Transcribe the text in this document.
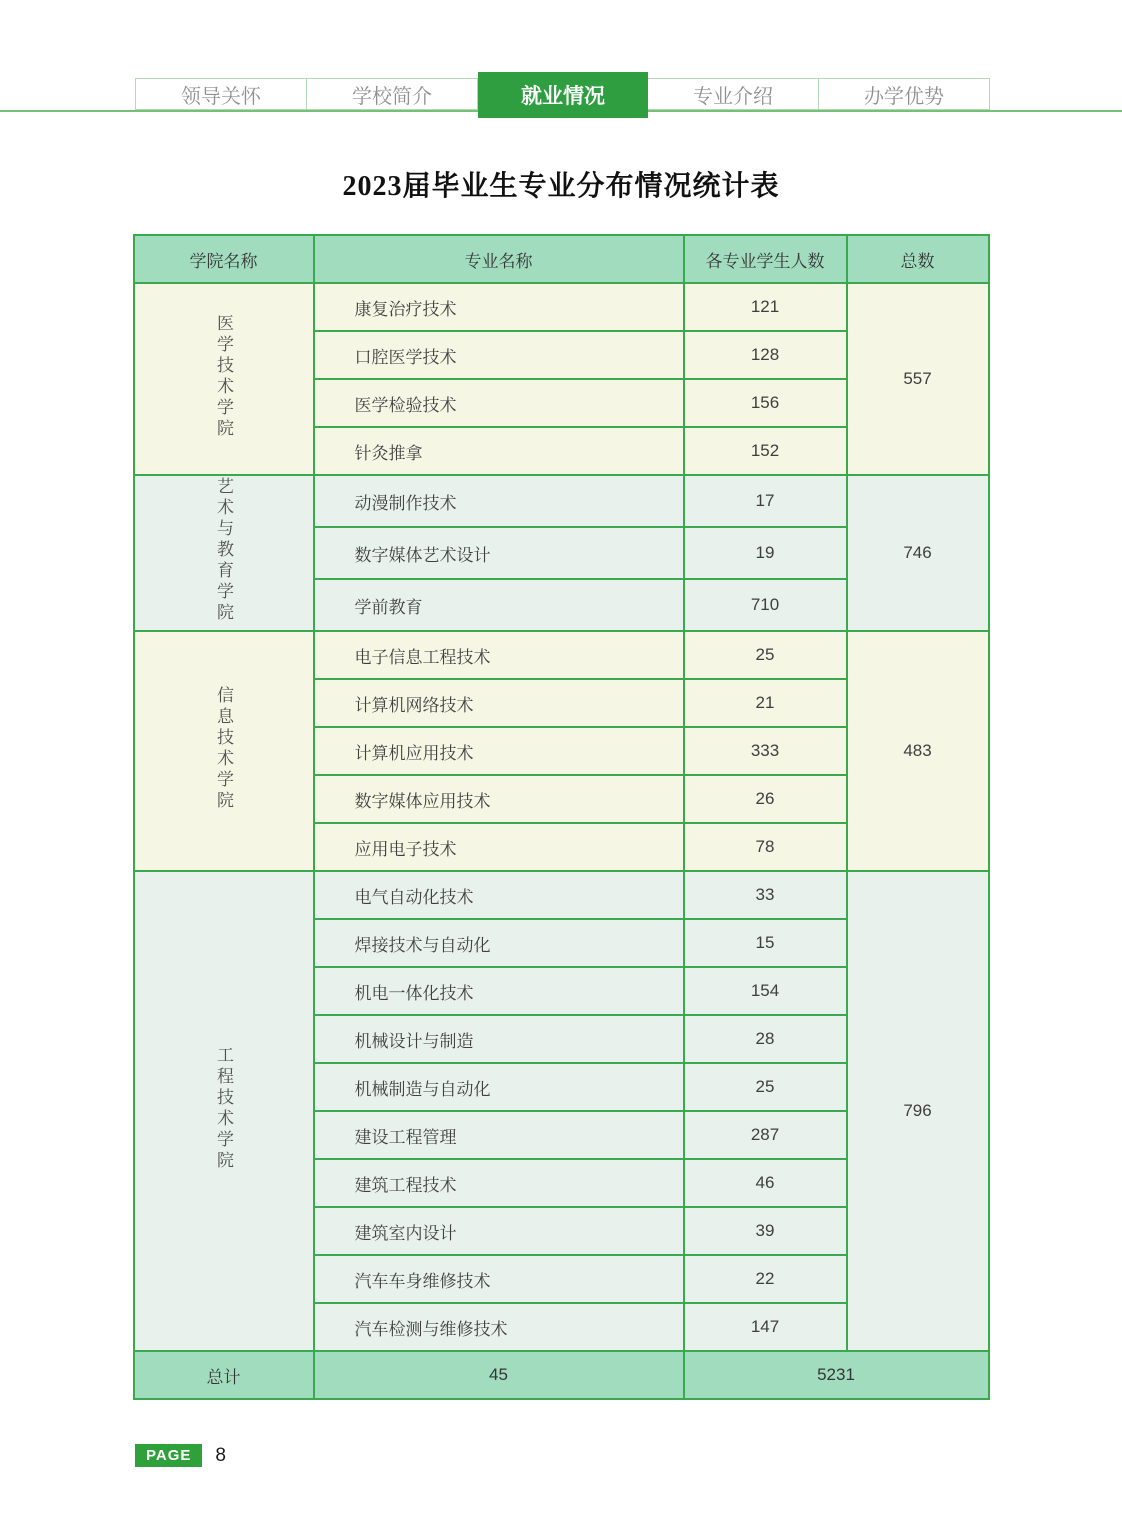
领导关怀	学校简介	就业情况	专业介绍	办学优势
2023届毕业生专业分布情况统计表
学院名称	专业名称	各专业学生人数	总数
医学技术学院	康复治疗技术	121	557
	口腔医学技术	128	
	医学检验技术	156	
	针灸推拿	152	
艺术与教育学院	动漫制作技术	17	746
	数字媒体艺术设计	19	
	学前教育	710	
信息技术学院	电子信息工程技术	25	483
	计算机网络技术	21	
	计算机应用技术	333	
	数字媒体应用技术	26	
	应用电子技术	78	
工程技术学院	电气自动化技术	33	796
	焊接技术与自动化	15	
	机电一体化技术	154	
	机械设计与制造	28	
	机械制造与自动化	25	
	建设工程管理	287	
	建筑工程技术	46	
	建筑室内设计	39	
	汽车车身维修技术	22	
	汽车检测与维修技术	147	
总计	45	5231	
PAGE	8
